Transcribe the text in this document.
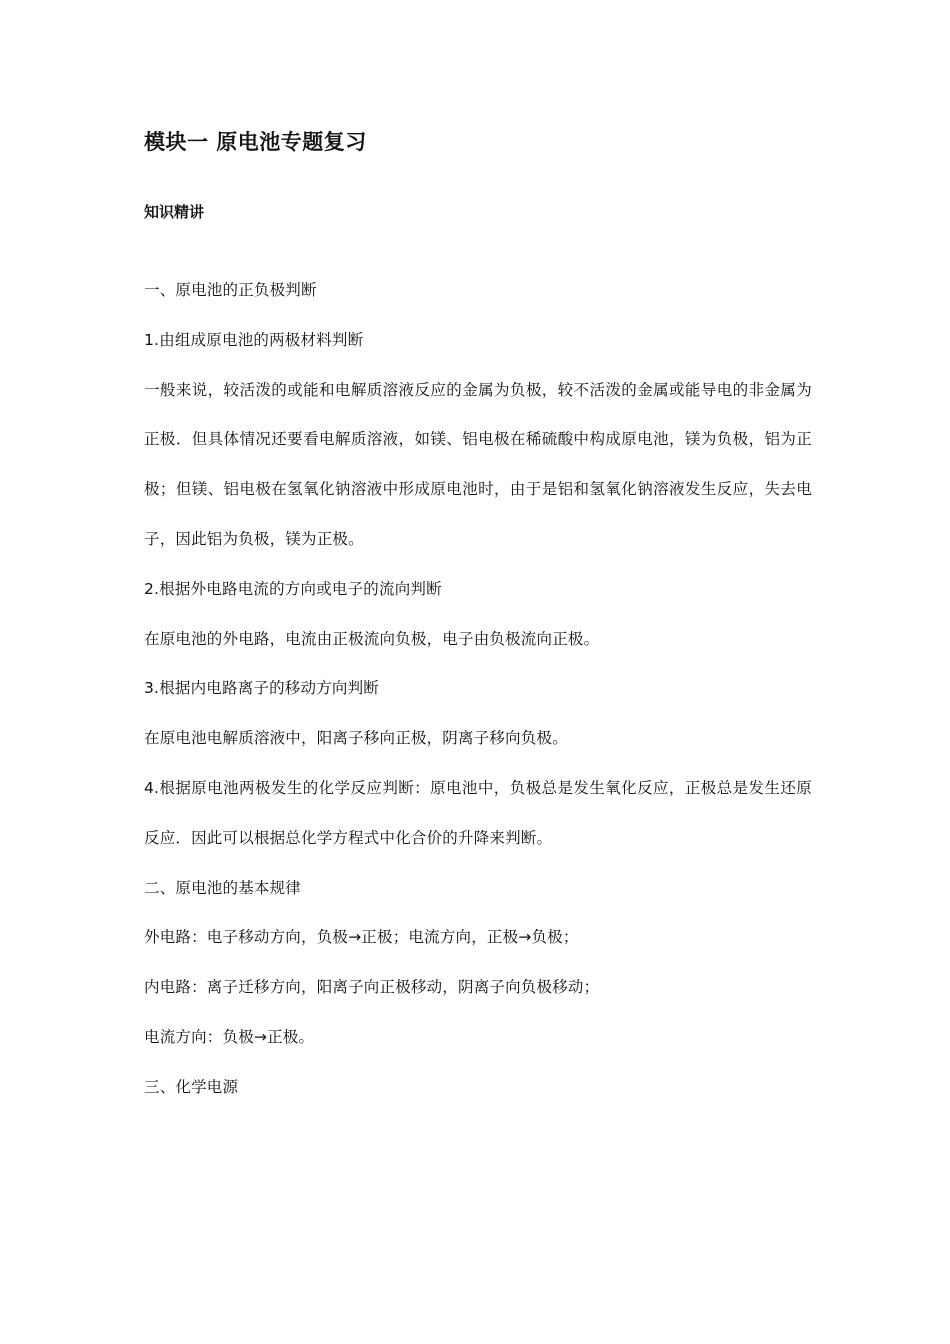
模块一 原电池专题复习
知识精讲

一、原电池的正负极判断

1.由组成原电池的两极材料判断

一般来说，较活泼的或能和电解质溶液反应的金属为负极，较不活泼的金属或能导电的非金属为正极．但具体情况还要看电解质溶液，如镁、铝电极在稀硫酸中构成原电池，镁为负极，铝为正极；但镁、铝电极在氢氧化钠溶液中形成原电池时，由于是铝和氢氧化钠溶液发生反应，失去电子，因此铝为负极，镁为正极。

2.根据外电路电流的方向或电子的流向判断

在原电池的外电路，电流由正极流向负极，电子由负极流向正极。

3.根据内电路离子的移动方向判断

在原电池电解质溶液中，阳离子移向正极，阴离子移向负极。

4.根据原电池两极发生的化学反应判断：原电池中，负极总是发生氧化反应，正极总是发生还原反应．因此可以根据总化学方程式中化合价的升降来判断。

二、原电池的基本规律

外电路：电子移动方向，负极→正极；电流方向，正极→负极；

内电路：离子迁移方向，阳离子向正极移动，阴离子向负极移动；

电流方向：负极→正极。

三、化学电源
